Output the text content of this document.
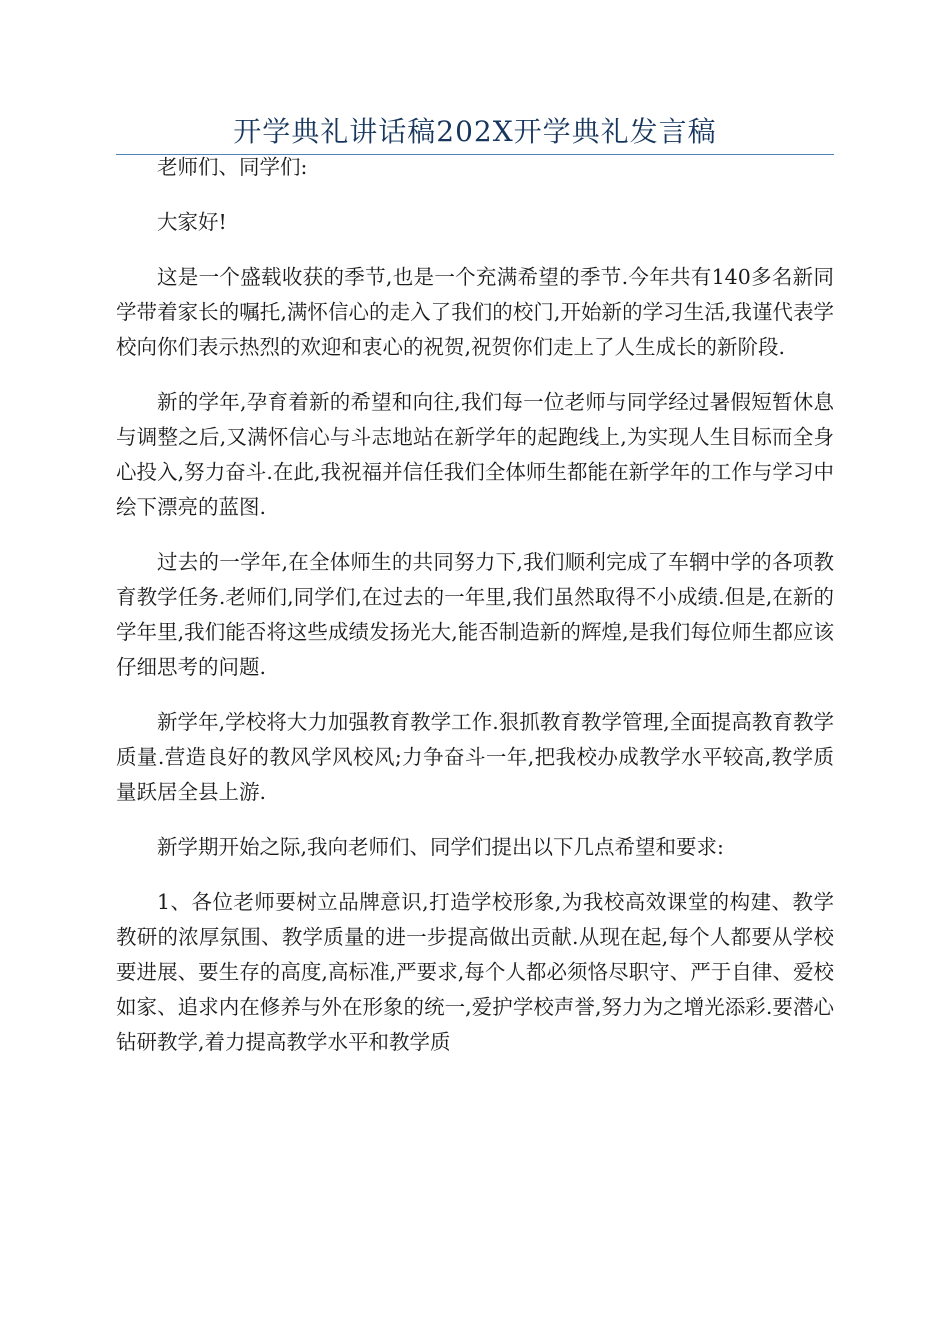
开学典礼讲话稿202X开学典礼发言稿

老师们、同学们:

大家好!

这是一个盛载收获的季节,也是一个充满希望的季节.今年共有140多名新同学带着家长的嘱托,满怀信心的走入了我们的校门,开始新的学习生活,我谨代表学校向你们表示热烈的欢迎和衷心的祝贺,祝贺你们走上了人生成长的新阶段.

新的学年,孕育着新的希望和向往,我们每一位老师与同学经过暑假短暂休息与调整之后,又满怀信心与斗志地站在新学年的起跑线上,为实现人生目标而全身心投入,努力奋斗.在此,我祝福并信任我们全体师生都能在新学年的工作与学习中绘下漂亮的蓝图.

过去的一学年,在全体师生的共同努力下,我们顺利完成了车辋中学的各项教育教学任务.老师们,同学们,在过去的一年里,我们虽然取得不小成绩.但是,在新的学年里,我们能否将这些成绩发扬光大,能否制造新的辉煌,是我们每位师生都应该仔细思考的问题.

新学年,学校将大力加强教育教学工作.狠抓教育教学管理,全面提高教育教学质量.营造良好的教风学风校风;力争奋斗一年,把我校办成教学水平较高,教学质量跃居全县上游.

新学期开始之际,我向老师们、同学们提出以下几点希望和要求:

1、各位老师要树立品牌意识,打造学校形象,为我校高效课堂的构建、教学教研的浓厚氛围、教学质量的进一步提高做出贡献.从现在起,每个人都要从学校要进展、要生存的高度,高标准,严要求,每个人都必须恪尽职守、严于自律、爱校如家、追求内在修养与外在形象的统一,爱护学校声誉,努力为之增光添彩.要潜心钻研教学,着力提高教学水平和教学质
